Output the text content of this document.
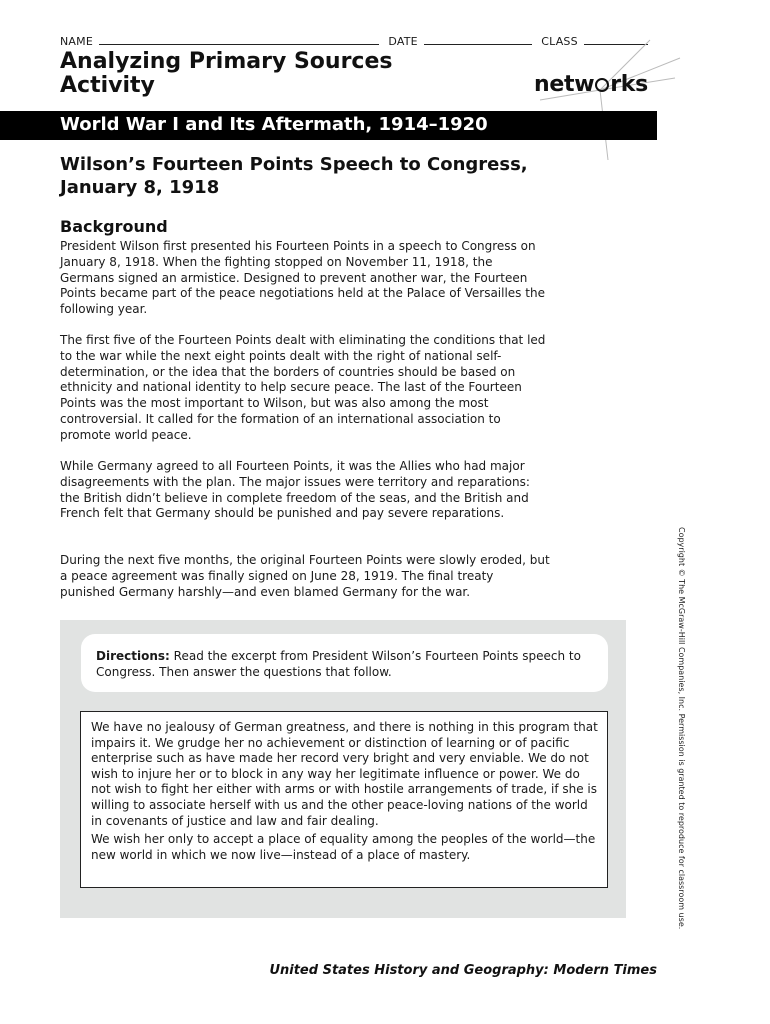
NAME	DATE	CLASS
Analyzing Primary Sources
Activity	netw rks
World War I and Its Aftermath, 1914–1920
Wilson’s Fourteen Points Speech to Congress,
January 8, 1918
Background
President Wilson first presented his Fourteen Points in a speech to Congress on January 8, 1918. When the fighting stopped on November 11, 1918, the Germans signed an armistice. Designed to prevent another war, the Fourteen Points became part of the peace negotiations held at the Palace of Versailles the following year.
The first five of the Fourteen Points dealt with eliminating the conditions that led to the war while the next eight points dealt with the right of national self-determination, or the idea that the borders of countries should be based on ethnicity and national identity to help secure peace. The last of the Fourteen Points was the most important to Wilson, but was also among the most controversial. It called for the formation of an international association to promote world peace.
While Germany agreed to all Fourteen Points, it was the Allies who had major disagreements with the plan. The major issues were territory and reparations: the British didn’t believe in complete freedom of the seas, and the British and French felt that Germany should be punished and pay severe reparations.
During the next five months, the original Fourteen Points were slowly eroded, but a peace agreement was finally signed on June 28, 1919. The final treaty punished Germany harshly—and even blamed Germany for the war.
Directions: Read the excerpt from President Wilson’s Fourteen Points speech to Congress. Then answer the questions that follow.

We have no jealousy of German greatness, and there is nothing in this program that impairs it. We grudge her no achievement or distinction of learning or of pacific enterprise such as have made her record very bright and very enviable. We do not wish to injure her or to block in any way her legitimate influence or power. We do not wish to fight her either with arms or with hostile arrangements of trade, if she is willing to associate herself with us and the other peace-loving nations of the world in covenants of justice and law and fair dealing.

We wish her only to accept a place of equality among the peoples of the world—the new world in which we now live—instead of a place of mastery.	Copyright © The McGraw-Hill Companies, Inc. Permission is granted to reproduce for classroom use.
United States History and Geography: Modern Times
